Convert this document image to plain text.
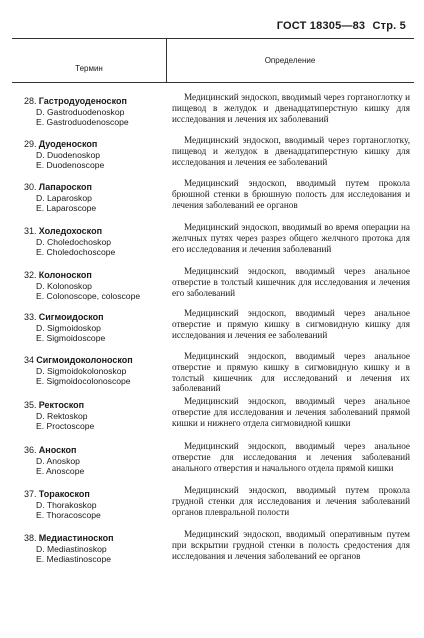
ГОСТ 18305—83 Стр. 5
Термин
Определение
28. Гастродуоденоскоп
D. Gastroduodenoskop
E. Gastroduodenoscope
Медицинский эндоскоп, вводимый через гортаноглотку и пищевод в желудок и двенадцатиперстную кишку для исследования и лечения их заболеваний
29. Дуоденоскоп
D. Duodenoskop
E. Duodenoscope
Медицинский эндоскоп, вводимый через гортаноглотку, пищевод и желудок в двенадцатиперстную кишку для исследования и лечения ее заболеваний
30. Лапароскоп
D. Laparoskop
E. Laparoscope
Медицинский эндоскоп, вводимый путем прокола брюшной стенки в брюшную полость для исследования и лечения заболеваний ее органов
31. Холедохоскоп
D. Choledochoskop
E. Choledochoscope
Медицинский эндоскоп, вводимый во время операции на желчных путях через разрез общего желчного протока для его исследования и лечения заболеваний
32. Колоноскоп
D. Kolonoskop
E. Colonoscope, coloscope
Медицинский эндоскоп, вводимый через анальное отверстие в толстый кишечник для исследования и лечения его заболеваний
33. Сигмоидоскоп
D. Sigmoidoskop
E. Sigmoidoscope
Медицинский эндоскоп, вводимый через анальное отверстие и прямую кишку в сигмовидную кишку для исследования и лечения ее заболеваний
34 Сигмоидоколоноскоп
D. Sigmoidokolonoskop
E. Sigmoidocolonoscope
Медицинский эндоскоп, вводимый через анальное отверстие и прямую кишку в сигмовидную кишку и в толстый кишечник для исследований и лечения их заболеваний
35. Ректоскоп
D. Rektoskop
E. Proctoscope
Медицинский эндоскоп, вводимый через анальное отверстие для исследования и лечения заболеваний прямой кишки и нижнего отдела сигмовидной кишки
36. Аноскоп
D. Anoskop
E. Anoscope
Медицинский эндоскоп, вводимый через анальное отверстие для исследования и лечения заболеваний анального отверстия и начального отдела прямой кишки
37. Торакоскоп
D. Thorakoskop
E. Thoracoscope
Медицинский эндоскоп, вводимый путем прокола грудной стенки для исследования и лечения заболеваний органов плевральной полости
38. Медиастиноскоп
D. Mediastinoskop
E. Mediastinoscope
Медицинский эндоскоп, вводимый оперативным путем при вскрытии грудной стенки в полость средостения для исследования и лечения заболеваний ее органов
